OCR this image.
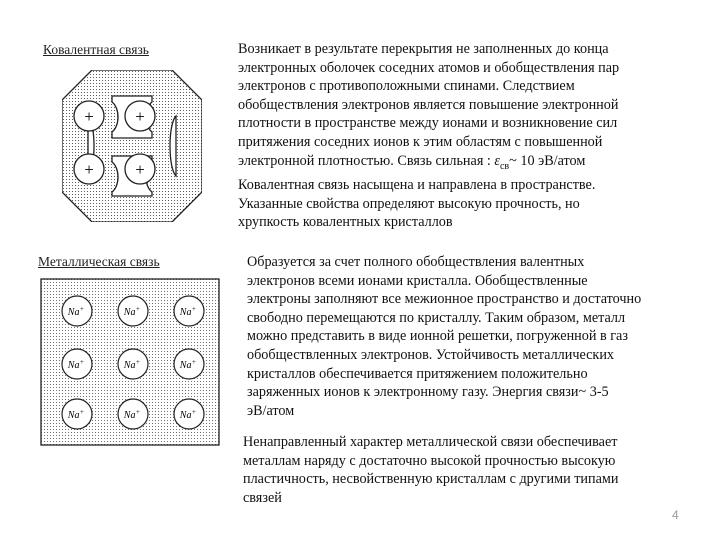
Ковалентная связь
+ +
+ +
Возникает в результате перекрытия не заполненных до конца
электронных оболочек соседних атомов и обобществления пар
электронов с противоположными спинами. Следствием
обобществления электронов является повышение электронной
плотности в пространстве между ионами и возникновение сил
притяжения соседних ионов к этим областям с повышенной
электронной плотностью. Связь сильная : $\varepsilon_{св}\sim$ 10 эВ/атом
Ковалентная связь насыщена и направлена в пространстве.
Указанные свойства определяют высокую прочность, но
хрупкость ковалентных кристаллов
Металлическая связь
Na+	Na+	Na+
Na+	Na+	Na+
Na+	Na+	Na+
Образуется за счет полного обобществления валентных
электронов всеми ионами кристалла. Обобществленные
электроны заполняют все межионное пространство и достаточно
свободно перемещаются по кристаллу. Таким образом, металл
можно представить в виде ионной решетки, погруженной в газ
обобществленных электронов. Устойчивость металлических
кристаллов обеспечивается притяжением положительно
заряженных ионов к электронному газу. Энергия связи~ 3-5
эВ/атом
Ненаправленный характер металлической связи обеспечивает
металлам наряду с достаточно высокой прочностью высокую
пластичность, несвойственную кристаллам с другими типами
связей
4
